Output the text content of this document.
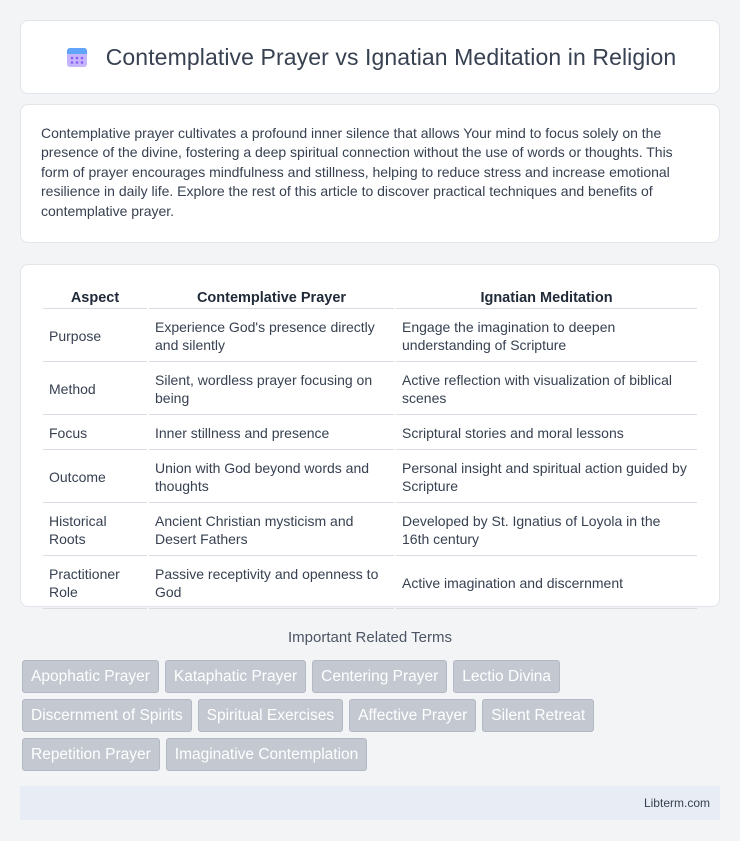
Contemplative Prayer vs Ignatian Meditation in Religion

Contemplative prayer cultivates a profound inner silence that allows Your mind to focus solely on the presence of the divine, fostering a deep spiritual connection without the use of words or thoughts. This form of prayer encourages mindfulness and stillness, helping to reduce stress and increase emotional resilience in daily life. Explore the rest of this article to discover practical techniques and benefits of contemplative prayer.

Aspect	Contemplative Prayer	Ignatian Meditation
Purpose	Experience God's presence directly and silently	Engage the imagination to deepen understanding of Scripture
Method	Silent, wordless prayer focusing on being	Active reflection with visualization of biblical scenes
Focus	Inner stillness and presence	Scriptural stories and moral lessons
Outcome	Union with God beyond words and thoughts	Personal insight and spiritual action guided by Scripture
Historical Roots	Ancient Christian mysticism and Desert Fathers	Developed by St. Ignatius of Loyola in the 16th century
Practitioner Role	Passive receptivity and openness to God	Active imagination and discernment
Important Related Terms
Apophatic Prayer	Kataphatic Prayer	Centering Prayer	Lectio Divina
Discernment of Spirits	Spiritual Exercises	Affective Prayer	Silent Retreat
Repetition Prayer	Imaginative Contemplation
Libterm.com
